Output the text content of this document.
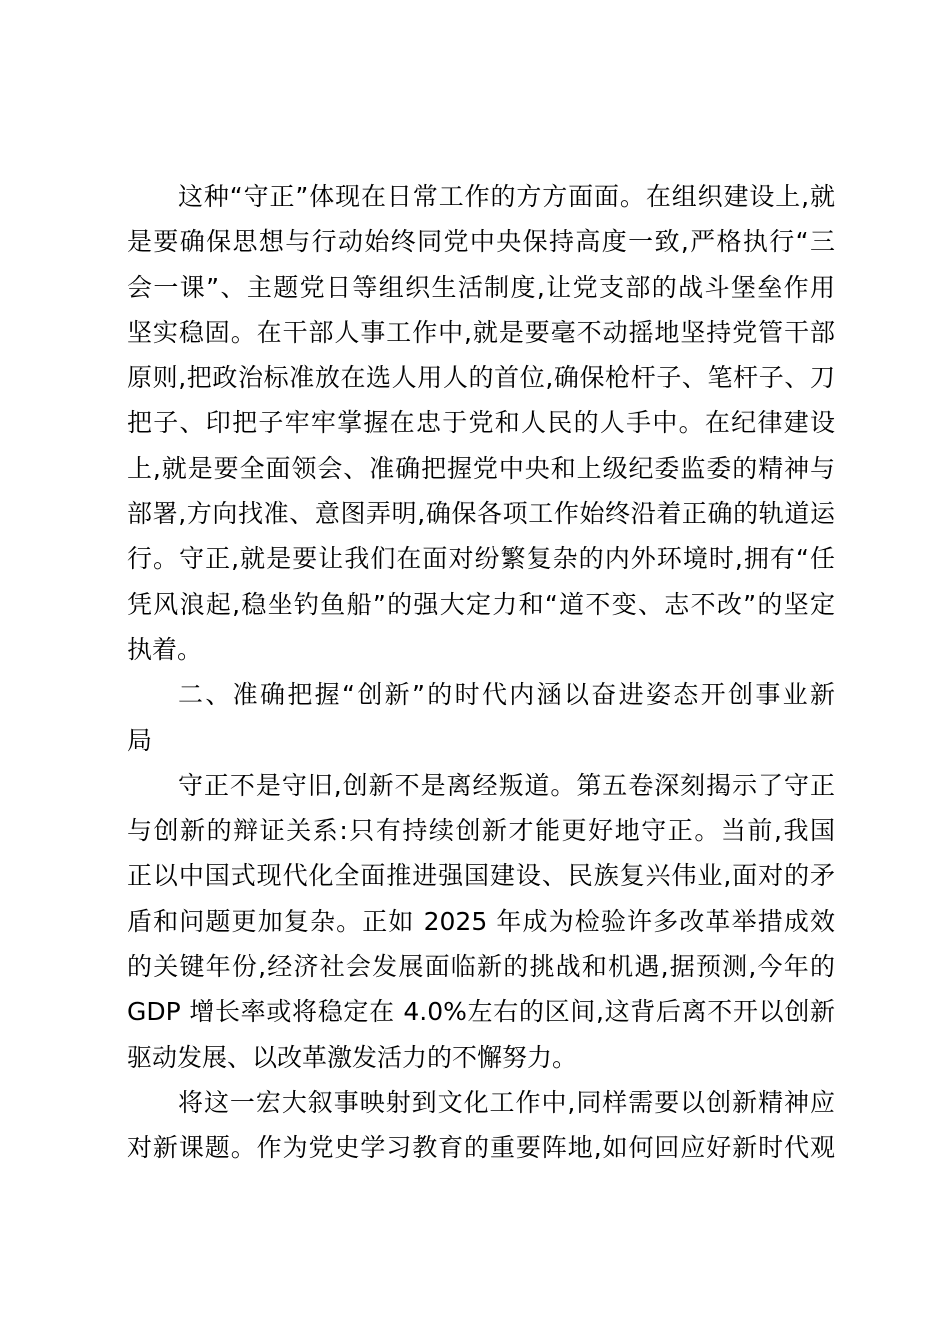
这种“守正”体现在日常工作的方方面面。在组织建设上,就
是要确保思想与行动始终同党中央保持高度一致,严格执行“三
会一课”、主题党日等组织生活制度,让党支部的战斗堡垒作用
坚实稳固。在干部人事工作中,就是要毫不动摇地坚持党管干部
原则,把政治标准放在选人用人的首位,确保枪杆子、笔杆子、刀
把子、印把子牢牢掌握在忠于党和人民的人手中。在纪律建设
上,就是要全面领会、准确把握党中央和上级纪委监委的精神与
部署,方向找准、意图弄明,确保各项工作始终沿着正确的轨道运
行。守正,就是要让我们在面对纷繁复杂的内外环境时,拥有“任
凭风浪起,稳坐钓鱼船”的强大定力和“道不变、志不改”的坚定
执着。
二、准确把握“创新”的时代内涵以奋进姿态开创事业新
局
守正不是守旧,创新不是离经叛道。第五卷深刻揭示了守正
与创新的辩证关系:只有持续创新才能更好地守正。当前,我国
正以中国式现代化全面推进强国建设、民族复兴伟业,面对的矛
盾和问题更加复杂。正如 2025 年成为检验许多改革举措成效
的关键年份,经济社会发展面临新的挑战和机遇,据预测,今年的
GDP 增长率或将稳定在 4.0%左右的区间,这背后离不开以创新
驱动发展、以改革激发活力的不懈努力。
将这一宏大叙事映射到文化工作中,同样需要以创新精神应
对新课题。作为党史学习教育的重要阵地,如何回应好新时代观
